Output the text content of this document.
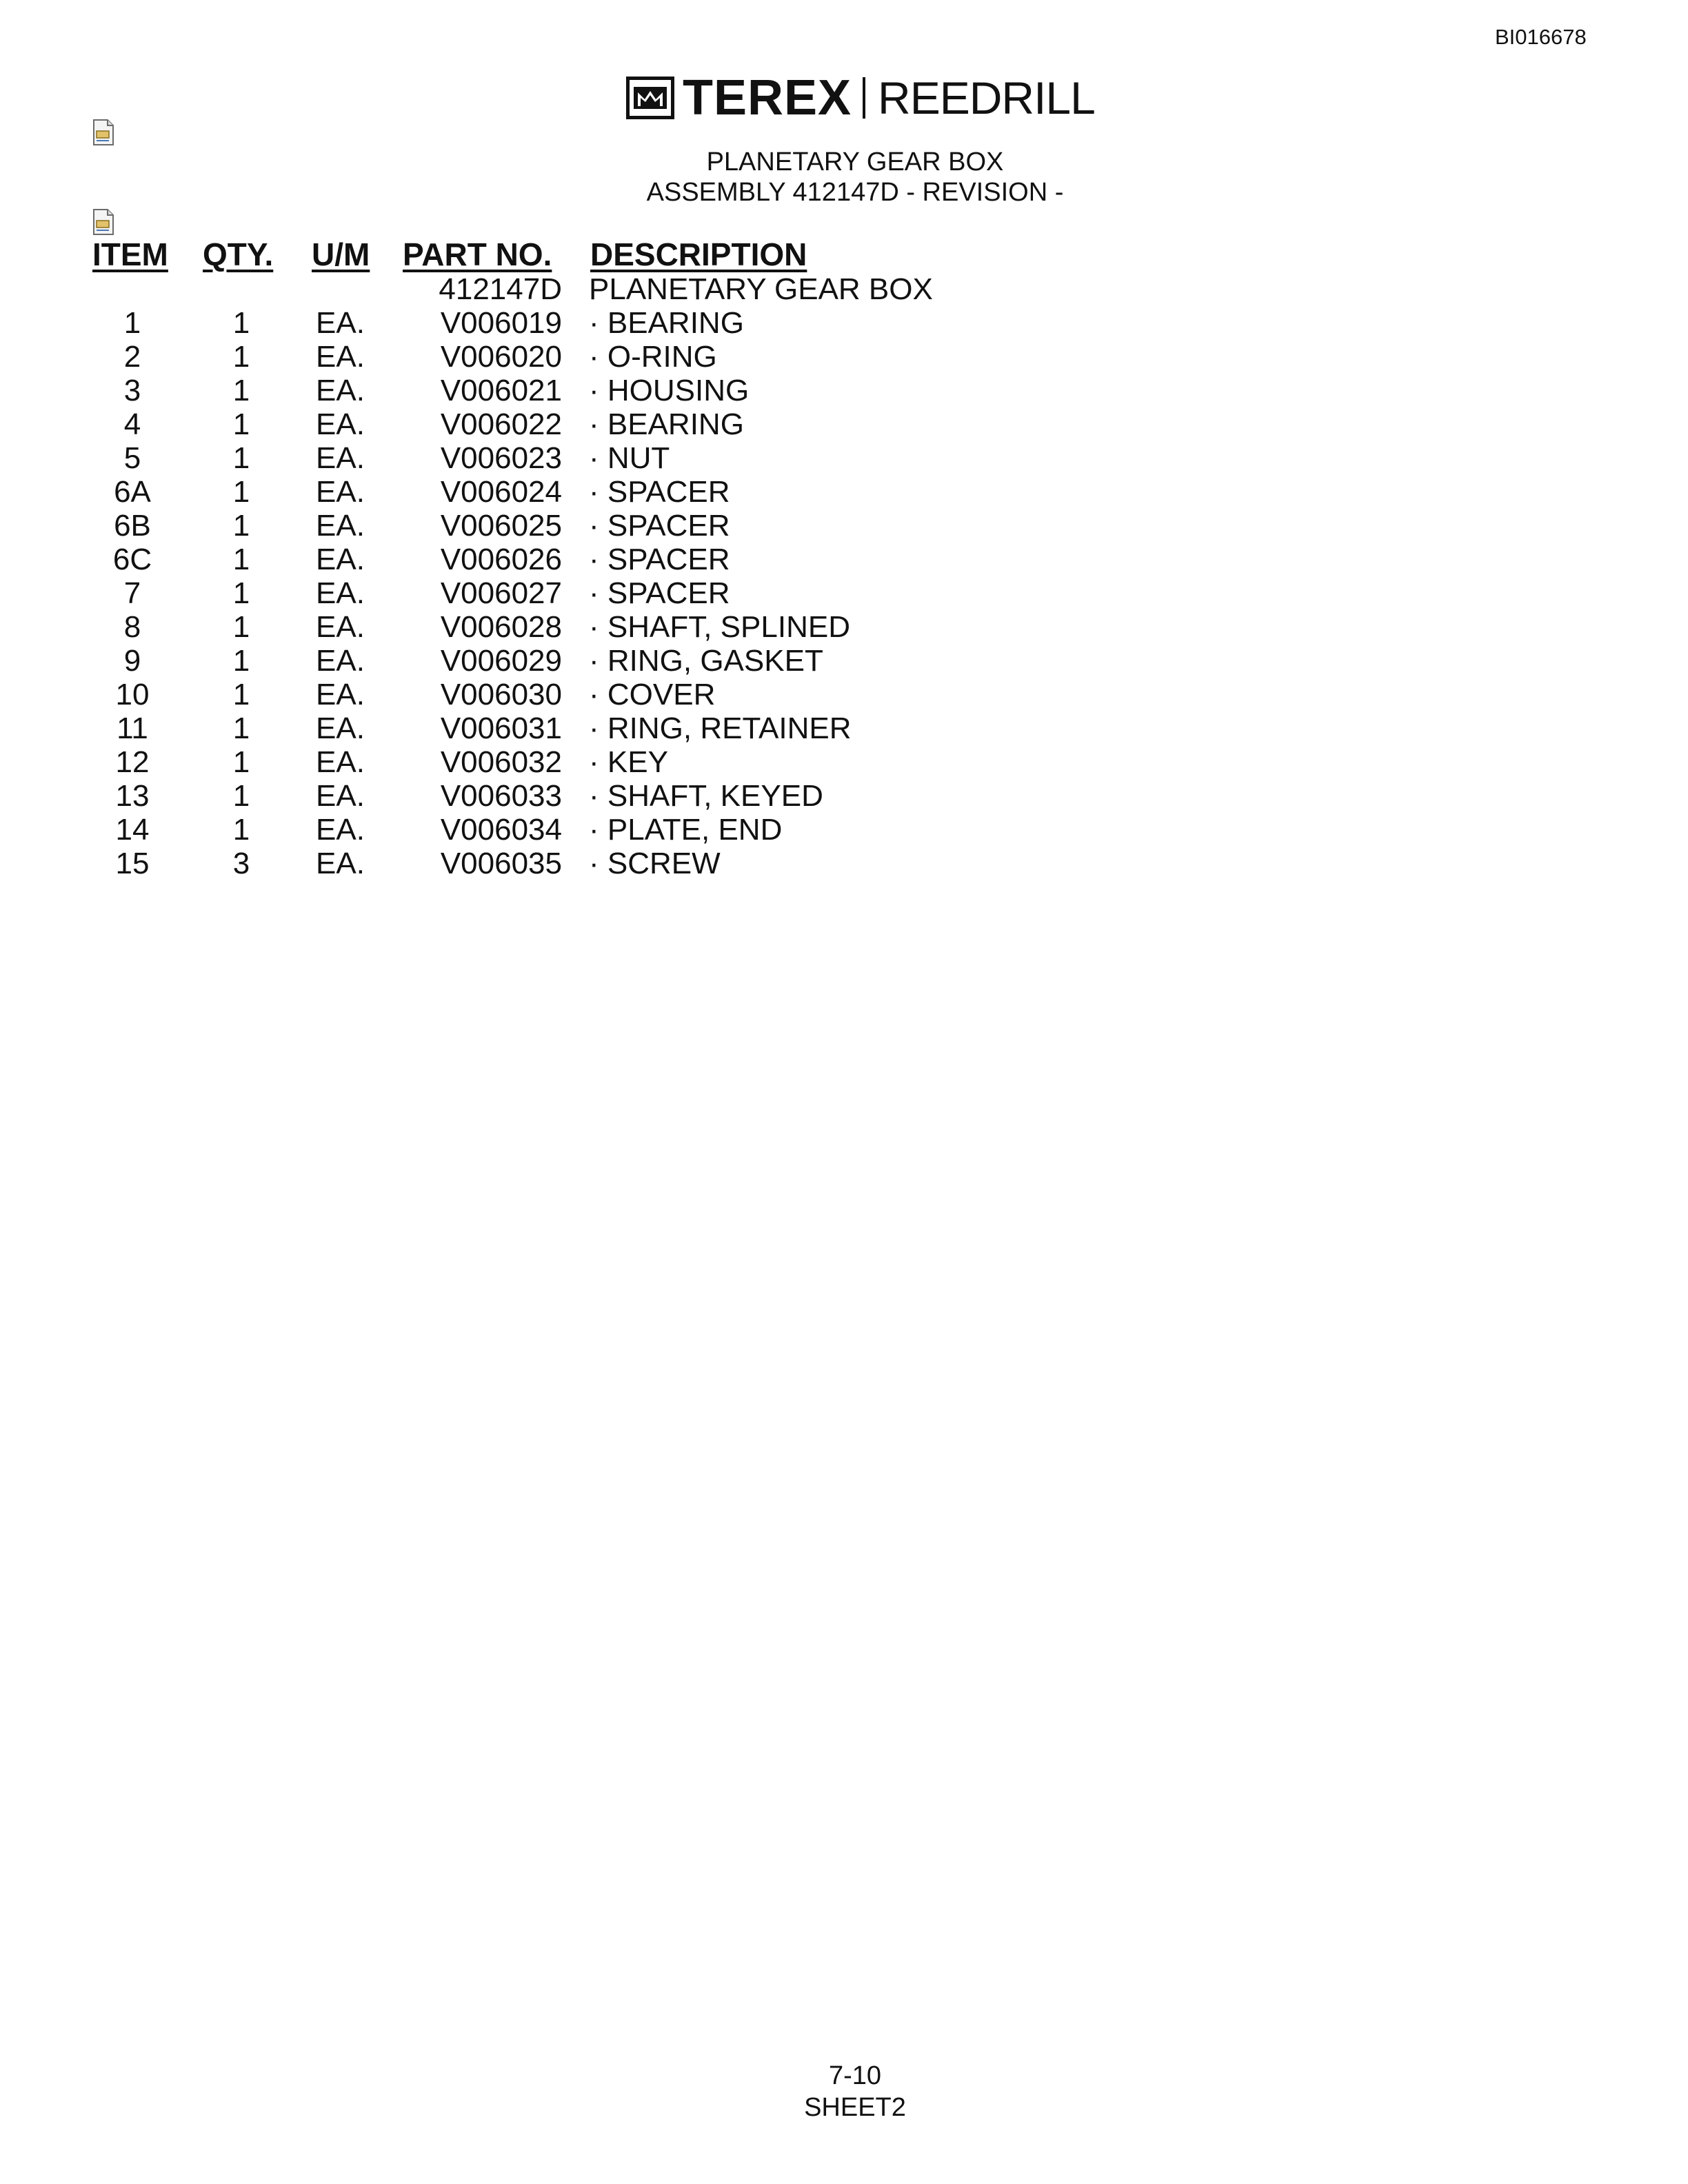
BI016678
TEREX REEDRILL
PLANETARY GEAR BOX
ASSEMBLY 412147D - REVISION -
ITEM QTY. U/M PART NO. DESCRIPTION
412147D PLANETARY GEAR BOX
1	1	EA.	V006019 · BEARING
2	1	EA.	V006020 · O-RING
3	1	EA.	V006021 · HOUSING
4	1	EA.	V006022 · BEARING
5	1	EA.	V006023 · NUT
6A	1	EA.	V006024 · SPACER
6B	1	EA.	V006025 · SPACER
6C	1	EA.	V006026 · SPACER
7	1	EA.	V006027 · SPACER
8	1	EA.	V006028 · SHAFT, SPLINED
9	1	EA.	V006029 · RING, GASKET
10	1	EA.	V006030 · COVER
11	1	EA.	V006031 · RING, RETAINER
12	1	EA.	V006032 · KEY
13	1	EA.	V006033 · SHAFT, KEYED
14	1	EA.	V006034 · PLATE, END
15	3	EA.	V006035 · SCREW
7-10
SHEET2
